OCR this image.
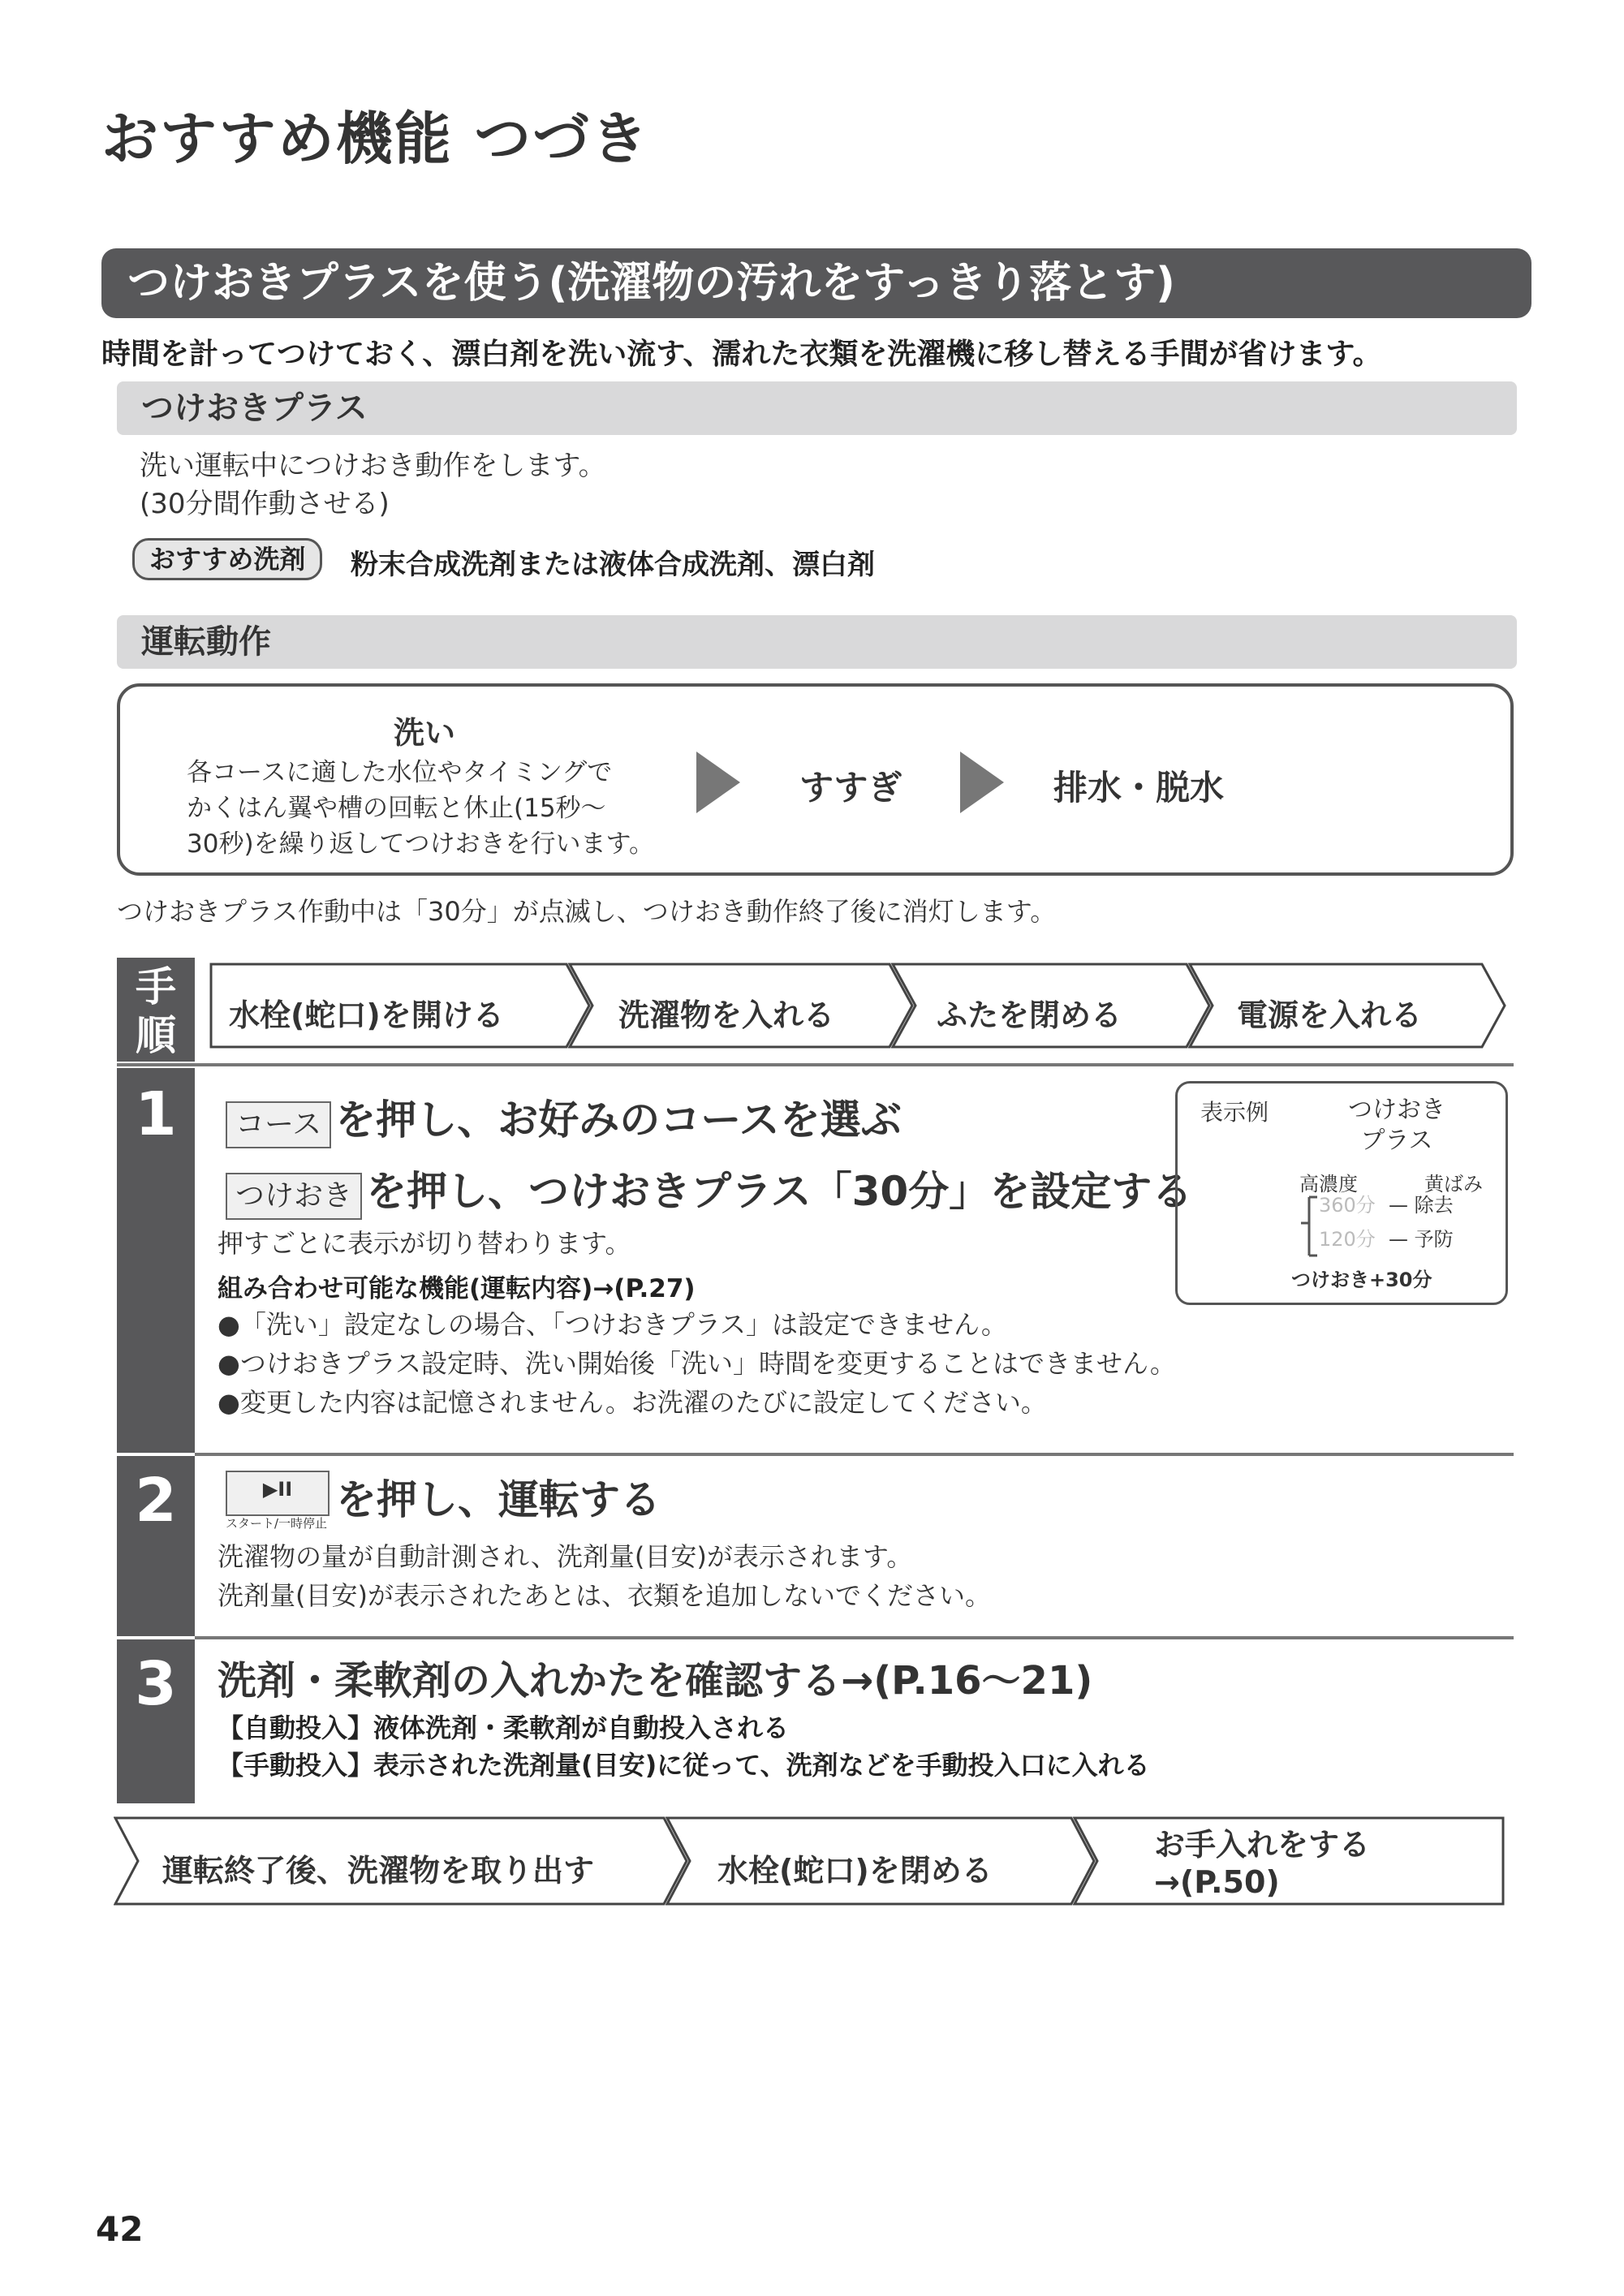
おすすめ機能 つづき
つけおきプラスを使う(洗濯物の汚れをすっきり落とす)
時間を計ってつけておく、漂白剤を洗い流す、濡れた衣類を洗濯機に移し替える手間が省けます。
つけおきプラス
洗い運転中につけおき動作をします。
(30分間作動させる)
おすすめ洗剤	粉末合成洗剤または液体合成洗剤、漂白剤
運転動作
洗い
各コースに適した水位やタイミングで
かくはん翼や槽の回転と休止(15秒～
30秒)を繰り返してつけおきを行います。
すすぎ	排水・脱水
つけおきプラス作動中は「30分」が点滅し、つけおき動作終了後に消灯します。
手
順	水栓(蛇口)を開ける	洗濯物を入れる	ふたを閉める	電源を入れる
1	コース を押し、お好みのコースを選ぶ
つけおき を押し、つけおきプラス「30分」を設定する
押すごとに表示が切り替わります。
組み合わせ可能な機能(運転内容)→(P.27)
●「洗い」設定なしの場合、「つけおきプラス」は設定できません。
●つけおきプラス設定時、洗い開始後「洗い」時間を変更することはできません。
●変更した内容は記憶されません。お洗濯のたびに設定してください。
表示例	つけおき
プラス
高濃度	黄ばみ
360分
120分
— 除去
— 予防
つけおき+30分
2	▶II
スタート/一時停止 を押し、運転する
洗濯物の量が自動計測され、洗剤量(目安)が表示されます。
洗剤量(目安)が表示されたあとは、衣類を追加しないでください。
3	洗剤・柔軟剤の入れかたを確認する→(P.16～21)
【自動投入】液体洗剤・柔軟剤が自動投入される
【手動投入】表示された洗剤量(目安)に従って、洗剤などを手動投入口に入れる
運転終了後、洗濯物を取り出す	水栓(蛇口)を閉める
お手入れをする
→(P.50)
42
